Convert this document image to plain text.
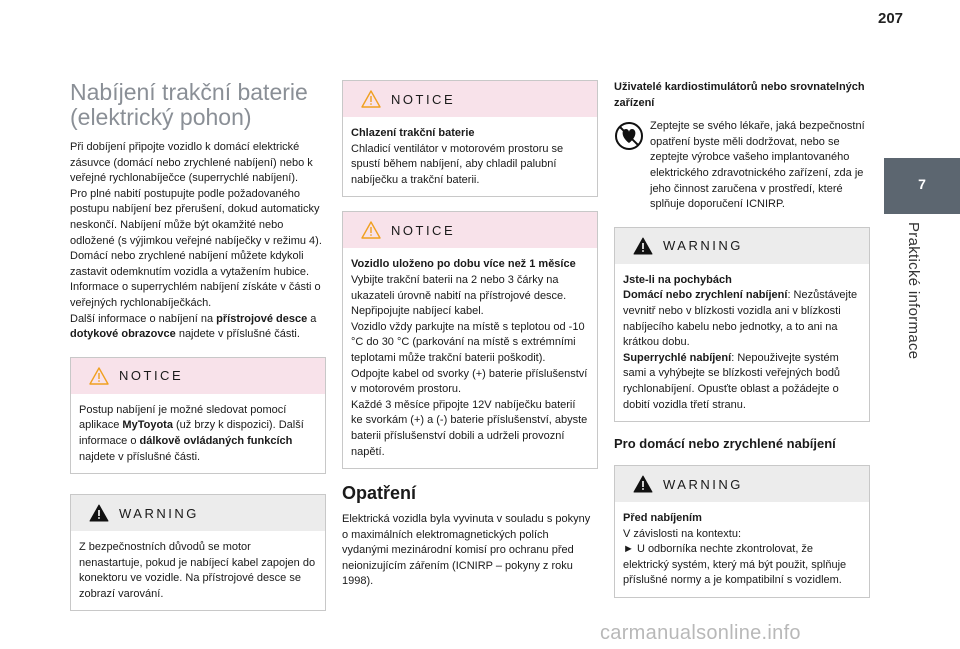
207
7
Praktické informace
Nabíjení trakční baterie (elektrický pohon)

Při dobíjení připojte vozidlo k domácí elektrické zásuvce (domácí nebo zrychlené nabíjení) nebo k veřejné rychlonabíječce (superrychlé nabíjení).
Pro plné nabití postupujte podle požadovaného postupu nabíjení bez přerušení, dokud automaticky neskončí. Nabíjení může být okamžité nebo odložené (s výjimkou veřejné nabíječky v režimu 4).
Domácí nebo zrychlené nabíjení můžete kdykoli zastavit odemknutím vozidla a vytažením hubice.
Informace o superrychlém nabíjení získáte v části o veřejných rychlonabíječkách.
Další informace o nabíjení na přístrojové desce a dotykové obrazovce najdete v příslušné části.

NOTICE
Postup nabíjení je možné sledovat pomocí aplikace MyToyota (už brzy k dispozici). Další informace o dálkově ovládaných funkcích najdete v příslušné části.
WARNING
Z bezpečnostních důvodů se motor nenastartuje, pokud je nabíjecí kabel zapojen do konektoru ve vozidle. Na přístrojové desce se zobrazí varování.
NOTICE
Chlazení trakční baterie
Chladicí ventilátor v motorovém prostoru se spustí během nabíjení, aby chladil palubní nabíječku a trakční baterii.
NOTICE
Vozidlo uloženo po dobu více než 1 měsíce
Vybijte trakční baterii na 2 nebo 3 čárky na ukazateli úrovně nabití na přístrojové desce.
Nepřipojujte nabíjecí kabel.
Vozidlo vždy parkujte na místě s teplotou od -10 °C do 30 °C (parkování na místě s extrémními teplotami může trakční baterii poškodit).
Odpojte kabel od svorky (+) baterie příslušenství v motorovém prostoru.
Každé 3 měsíce připojte 12V nabíječku baterií ke svorkám (+) a (-) baterie příslušenství, abyste baterii příslušenství dobili a udrželi provozní napětí.
Opatření

Elektrická vozidla byla vyvinuta v souladu s pokyny o maximálních elektromagnetických polích vydanými mezinárodní komisí pro ochranu před neionizujícím zářením (ICNIRP – pokyny z roku 1998).

Uživatelé kardiostimulátorů nebo srovnatelných zařízení

Zeptejte se svého lékaře, jaká bezpečnostní opatření byste měli dodržovat, nebo se zeptejte výrobce vašeho implantovaného elektrického zdravotnického zařízení, zda je jeho činnost zaručena v prostředí, které splňuje doporučení ICNIRP.

WARNING
Jste-li na pochybách
Domácí nebo zrychlení nabíjení: Nezůstávejte vevnitř nebo v blízkosti vozidla ani v blízkosti nabíjecího kabelu nebo jednotky, a to ani na krátkou dobu.
Superrychlé nabíjení: Nepouživejte systém sami a vyhýbejte se blízkosti veřejných bodů rychlonabíjení. Opusťte oblast a požádejte o dobití vozidla třetí stranu.
Pro domácí nebo zrychlené nabíjení
WARNING
Před nabíjením
V závislosti na kontextu:
► U odborníka nechte zkontrolovat, že elektrický systém, který má být použit, splňuje příslušné normy a je kompatibilní s vozidlem.
carmanualsonline.info
